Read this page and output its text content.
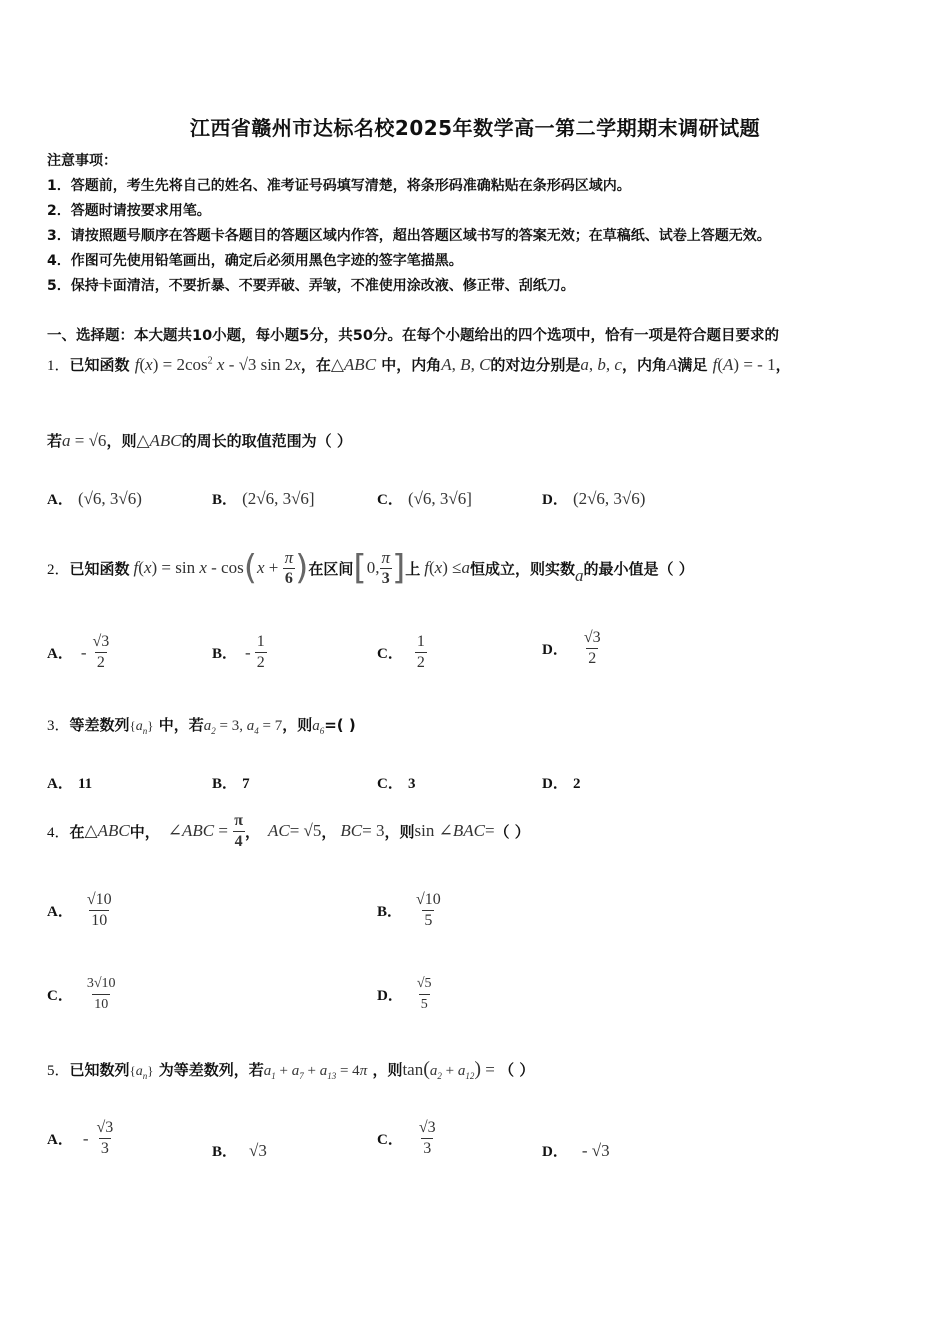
江西省赣州市达标名校2025年数学高一第二学期期末调研试题
注意事项：
1．答题前，考生先将自己的姓名、准考证号码填写清楚，将条形码准确粘贴在条形码区域内。
2．答题时请按要求用笔。
3．请按照题号顺序在答题卡各题目的答题区域内作答，超出答题区域书写的答案无效；在草稿纸、试卷上答题无效。
4．作图可先使用铅笔画出，确定后必须用黑色字迹的签字笔描黑。
5．保持卡面清洁，不要折暴、不要弄破、弄皱，不准使用涂改液、修正带、刮纸刀。
一、选择题：本大题共10小题，每小题5分，共50分。在每个小题给出的四个选项中，恰有一项是符合题目要求的
1．已知函数 $f(x) = 2\cos^2$ x - √3 sin 2x，在△ABC 中，内角A, B, C的对边分别是a, b, c，内角A满足 f(A) = - 1，
若a = √6，则△ABC的周长的取值范围为（ ）
A． (√6, 3√6)	B． (2√6, 3√6]	C． (√6, 3√6]	D． (2√6, 3√6)
2． 已知函数 f ( x ) = sin x - cos ( $x + \frac{\pi}{6}$ ) 在区间 [ 0, $\frac{\pi}{3}$ ] 上 f ( x ) ≤ a 恒成立，则实数 a 的最小值是（ ）
A． - $\frac{√3}{2}$	B． - $\frac{1}{2}$	C． $\frac{1}{2}$	D． $\frac{√3}{2}$
3．等差数列$\{a_n\}$ 中，若$a_2 = 3$, $a_4 = 7$，则$a_6=$( )
A． 11	B． 7	C． 3	D． 2
4． 在 △ ABC 中， ∠ ABC = $\frac{\pi}{4}$ ， AC = √5 ， BC = 3 ，则 sin ∠ BAC = （ ）
A． $\frac{√10}{10}$	B． $\frac{√10}{5}$
C． $\frac{3√10}{10}$	D． $\frac{√5}{5}$
5．已知数列$\{a_n\}$ 为等差数列，若$a_1 + a_7 + a_{13} = 4\pi$ ，则$\tan(a_2 + a_{12})$ = （ ）
A． - $\frac{√3}{3}$	B． √3
C． $\frac{√3}{3}$	D． - √3
